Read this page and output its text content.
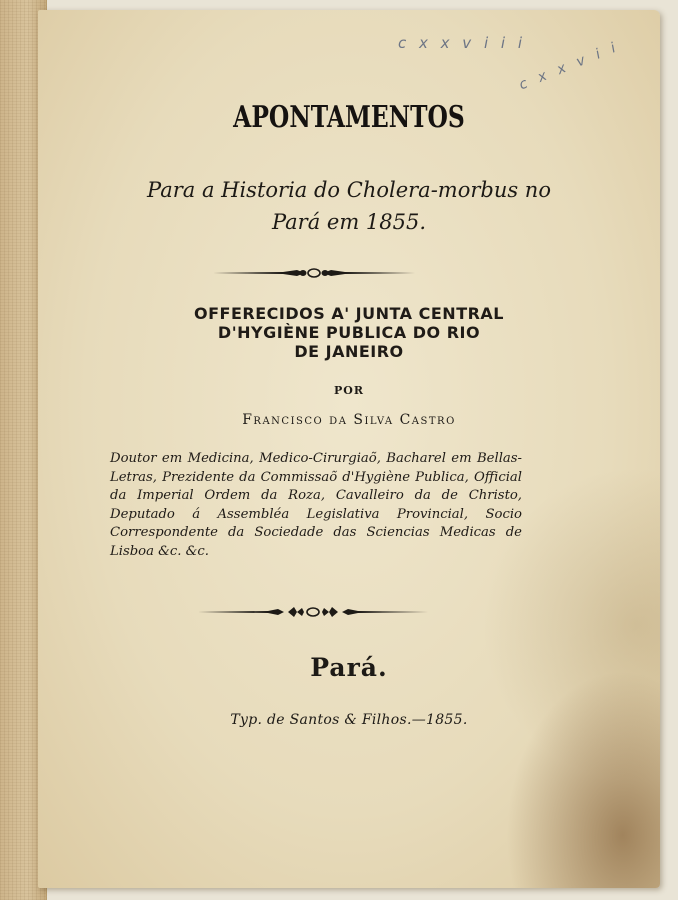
c x x v i i i
c x x v i i
APONTAMENTOS
Para a Historia do Cholera-morbus no
Pará em 1855.
OFFERECIDOS A' JUNTA CENTRAL
D'HYGIÈNE PUBLICA DO RIO
DE JANEIRO
POR
Francisco da Silva Castro
Doutor em Medicina, Medico-Cirurgiaõ, Bacharel em Bellas-Letras, Prezidente da Commissaõ d'Hygiène Publica, Official da Imperial Ordem da Roza, Cavalleiro da de Christo, Deputado á Assembléa Legislativa Provincial, Socio Correspondente da Sociedade das Sciencias Medicas de Lisboa &c. &c.
Pará.
Typ. de Santos & Filhos.—1855.
